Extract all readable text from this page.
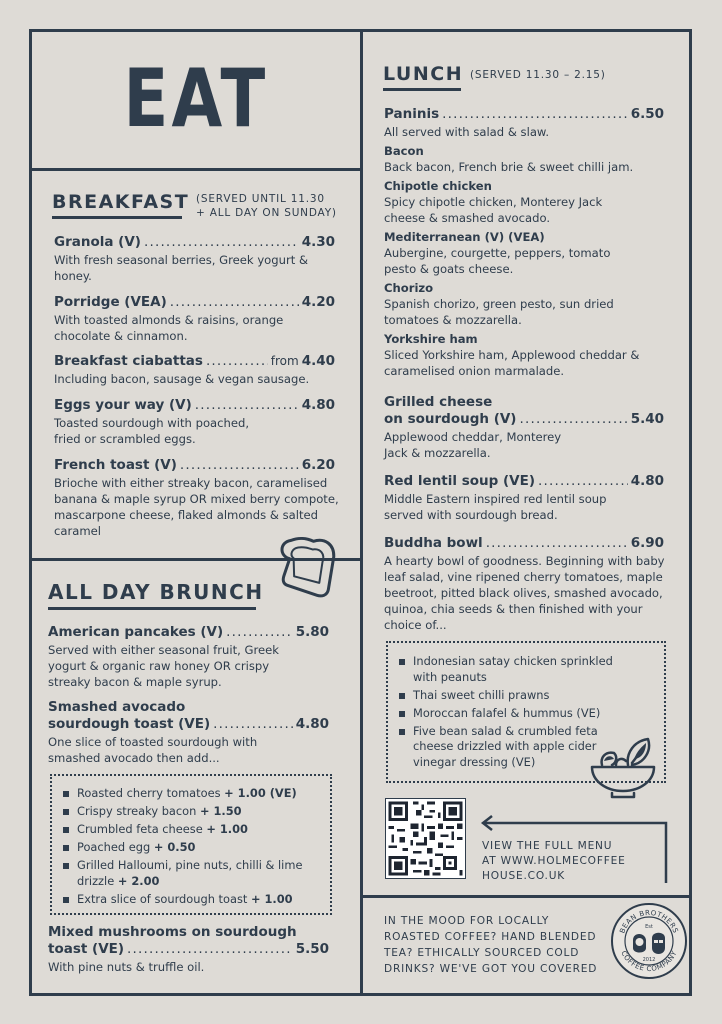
EAT
BREAKFAST (SERVED UNTIL 11.30
+ ALL DAY ON SUNDAY)
Granola (V) .....	4.30
With fresh seasonal berries, Greek yogurt & honey.
Porridge (VEA) .....	4.20
With toasted almonds & raisins, orange chocolate & cinnamon.
Breakfast ciabattas .....	from 4.40
Including bacon, sausage & vegan sausage.
Eggs your way (V) .....	4.80
Toasted sourdough with poached, fried or scrambled eggs.
French toast (V) .....	6.20
Brioche with either streaky bacon, caramelised banana & maple syrup OR mixed berry compote, mascarpone cheese, flaked almonds & salted caramel
ALL DAY BRUNCH
American pancakes (V) .....	5.80
Served with either seasonal fruit, Greek yogurt & organic raw honey OR crispy streaky bacon & maple syrup.
Smashed avocado
sourdough toast (VE) .....	4.80
One slice of toasted sourdough with smashed avocado then add...
Roasted cherry tomatoes + 1.00 (VE)
Crispy streaky bacon + 1.50
Crumbled feta cheese + 1.00
Poached egg + 0.50
Grilled Halloumi, pine nuts, chilli & lime drizzle + 2.00
Extra slice of sourdough toast + 1.00
Mixed mushrooms on sourdough
toast (VE) .....	5.50
With pine nuts & truffle oil.
LUNCH (SERVED 11.30 – 2.15)
Paninis .....	6.50
All served with salad & slaw.
Bacon
Back bacon, French brie & sweet chilli jam.
Chipotle chicken
Spicy chipotle chicken, Monterey Jack cheese & smashed avocado.
Mediterranean (V) (VEA)
Aubergine, courgette, peppers, tomato pesto & goats cheese.
Chorizo
Spanish chorizo, green pesto, sun dried tomatoes & mozzarella.
Yorkshire ham
Sliced Yorkshire ham, Applewood cheddar & caramelised onion marmalade.
Grilled cheese
on sourdough (V) .....	5.40
Applewood cheddar, Monterey Jack & mozzarella.
Red lentil soup (VE) .....	4.80
Middle Eastern inspired red lentil soup served with sourdough bread.
Buddha bowl .....	6.90
A hearty bowl of goodness. Beginning with baby leaf salad, vine ripened cherry tomatoes, maple beetroot, pitted black olives, smashed avocado, quinoa, chia seeds & then finished with your choice of...
Indonesian satay chicken sprinkled with peanuts
Thai sweet chilli prawns
Moroccan falafel & hummus (VE)
Five bean salad & crumbled feta cheese drizzled with apple cider vinegar dressing (VE)
VIEW THE FULL MENU
AT WWW.HOLMECOFFEE
HOUSE.CO.UK
IN THE MOOD FOR LOCALLY
ROASTED COFFEE? HAND BLENDED
TEA? ETHICALLY SOURCED COLD
DRINKS? WE'VE GOT YOU COVERED
BEAN BROTHERS
COFFEE COMPANY
Est
2012
